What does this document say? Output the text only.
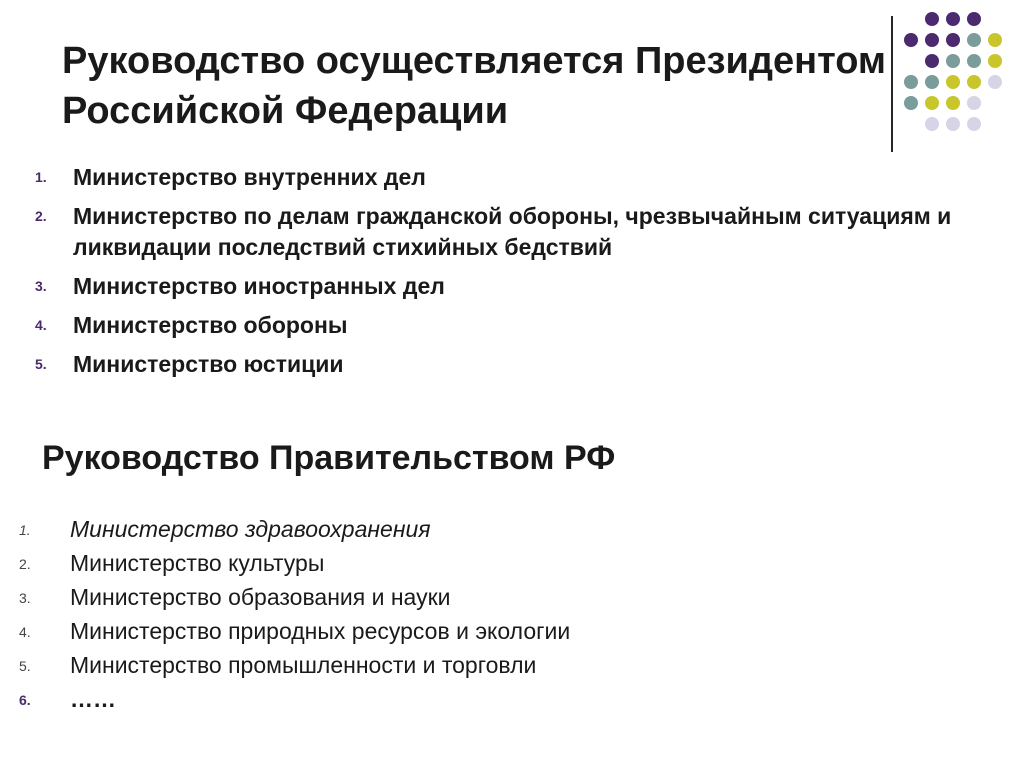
Руководство осуществляется Президентом Российской Федерации
1. Министерство внутренних дел
2. Министерство по делам гражданской обороны, чрезвычайным ситуациям и ликвидации последствий стихийных бедствий
3. Министерство иностранных дел
4. Министерство обороны
5. Министерство юстиции
Руководство Правительством РФ
1. Министерство здравоохранения
2. Министерство культуры
3. Министерство образования и науки
4. Министерство природных ресурсов и экологии
5. Министерство промышленности и торговли
6. ……
